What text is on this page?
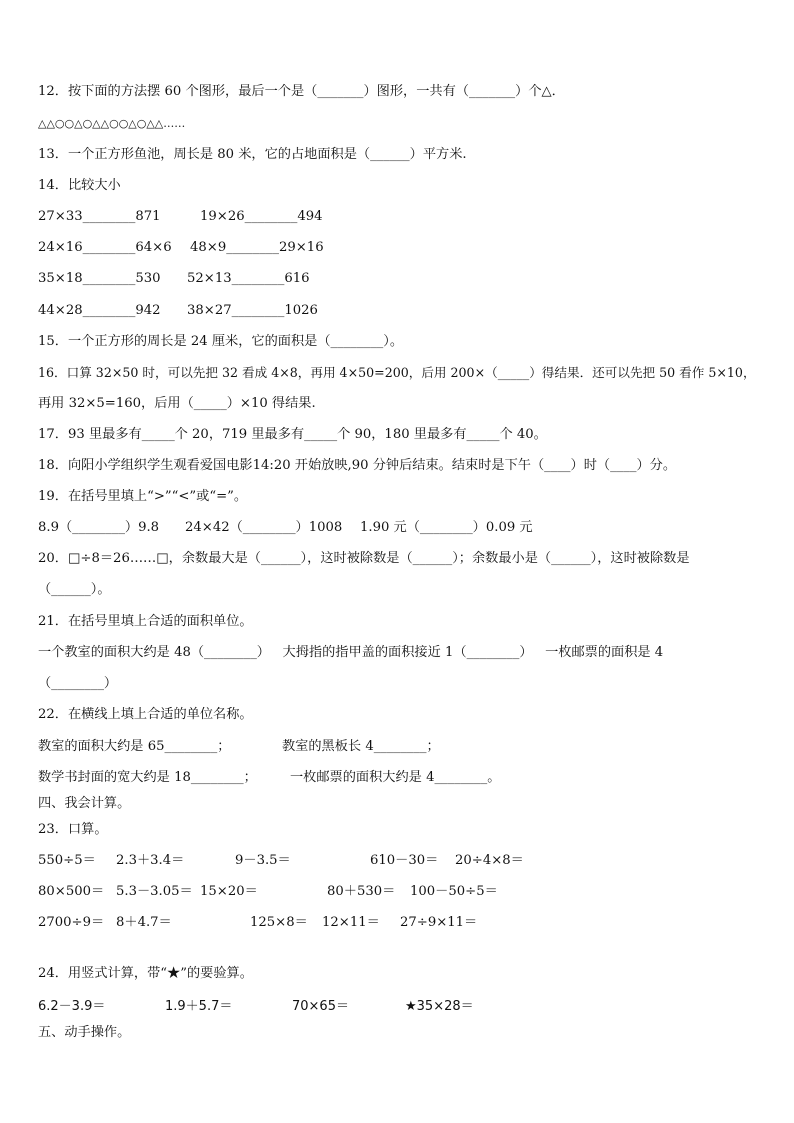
12．按下面的方法摆 60 个图形，最后一个是（_______）图形，一共有（_______）个△．
△△○○△○△△○○△○△△……
13．一个正方形鱼池，周长是 80 米，它的占地面积是（______）平方米.
14．比较大小
27×33________871	19×26________494
24×16________64×6 48×9________29×16
35×18________530 52×13________616
44×28________942 38×27________1026
15．一个正方形的周长是 24 厘米，它的面积是（________）。
16．口算 32×50 时，可以先把 32 看成 4×8，再用 4×50=200，后用 200×（_____）得结果．还可以先把 50 看作 5×10，
再用 32×5=160，后用（_____）×10 得结果.
17．93 里最多有_____个 20，719 里最多有_____个 90，180 里最多有_____个 40。
18．向阳小学组织学生观看爱国电影14:20 开始放映,90 分钟后结束。结束时是下午（____）时（____）分。
19．在括号里填上“>”“<”或“=”。
8.9（________）9.8 24×42（________）1008 1.90 元（________）0.09 元
20．□÷8＝26……□，余数最大是（______），这时被除数是（______）；余数最小是（______），这时被除数是
（______）。
21．在括号里填上合适的面积单位。
一个教室的面积大约是 48（________）   大拇指的指甲盖的面积接近 1（________）   一枚邮票的面积是 4
（________）
22．在横线上填上合适的单位名称。
教室的面积大约是 65________；	教室的黑板长 4________；
数学书封面的宽大约是 18________；	一枚邮票的面积大约是 4________。
四、我会计算。
23．口算。
550÷5＝ 2.3＋3.4＝	9－3.5＝	610－30＝ 20÷4×8＝
80×500＝ 5.3－3.05＝ 15×20＝	80＋530＝ 100－50÷5＝
2700÷9＝ 8＋4.7＝	125×8＝ 12×11＝ 27÷9×11＝
24．用竖式计算，带“★”的要验算。
6.2－3.9＝	1.9＋5.7＝	70×65＝	★35×28＝
五、动手操作。
